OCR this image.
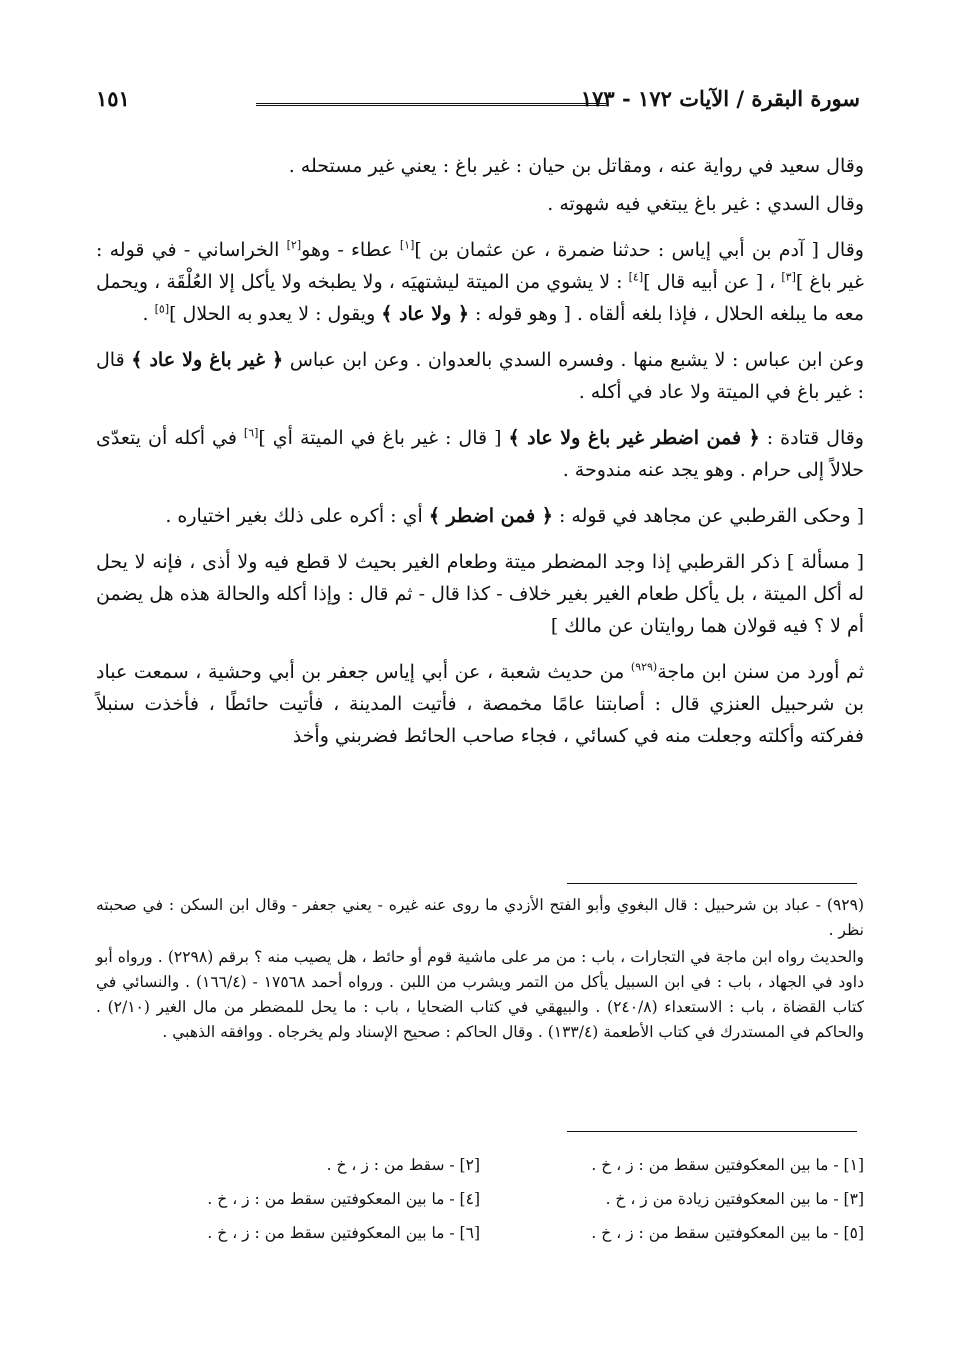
سورة البقرة / الآيات ١٧٢ - ١٧٣
١٥١

وقال سعيد في رواية عنه ، ومقاتل بن حيان : غير باغ : يعني غير مستحله .

وقال السدي : غير باغ يبتغي فيه شهوته .

وقال [ آدم بن أبي إياس : حدثنا ضمرة ، عن عثمان بن ][١] عطاء - وهو[٢] الخراساني - في قوله : غير باغ ][٣] ، [ عن أبيه قال ][٤] : لا يشوي من الميتة ليشتهيَه ، ولا يطبخه ولا يأكل إلا العُلْقَة ، ويحمل معه ما يبلغه الحلال ، فإذا بلغه ألقاه . [ وهو قوله : ﴿ ولا عاد ﴾ ويقول : لا يعدو به الحلال ][٥] .

وعن ابن عباس : لا يشبع منها . وفسره السدي بالعدوان . وعن ابن عباس ﴿ غير باغ ولا عاد ﴾ قال : غير باغ في الميتة ولا عاد في أكله .

وقال قتادة : ﴿ فمن اضطر غير باغ ولا عاد ﴾ [ قال : غير باغ في الميتة أي ][٦] في أكله أن يتعدّى حلالاً إلى حرام . وهو يجد عنه مندوحة .

[ وحكى القرطبي عن مجاهد في قوله : ﴿ فمن اضطر ﴾ أي : أكره على ذلك بغير اختياره .

[ مسألة ] ذكر القرطبي إذا وجد المضطر ميتة وطعام الغير بحيث لا قطع فيه ولا أذى ، فإنه لا يحل له أكل الميتة ، بل يأكل طعام الغير بغير خلاف - كذا قال - ثم قال : وإذا أكله والحالة هذه هل يضمن أم لا ؟ فيه قولان هما روايتان عن مالك ]

ثم أورد من سنن ابن ماجة$^{(٩٢٩)}$ من حديث شعبة ، عن أبي إياس جعفر بن أبي وحشية ، سمعت عباد بن شرحبيل العنزي قال : أصابتنا عامًا مخمصة ، فأتيت المدينة ، فأتيت حائطًا ، فأخذت سنبلاً ففركته وأكلته وجعلت منه في كسائي ، فجاء صاحب الحائط فضربني وأخذ

(٩٢٩) - عباد بن شرحبيل : قال البغوي وأبو الفتح الأزدي ما روى عنه غيره - يعني جعفر - وقال ابن السكن : في صحبته نظر .

والحديث رواه ابن ماجة في التجارات ، باب : من مر على ماشية قوم أو حائط ، هل يصيب منه ؟ برقم (٢٢٩٨) . ورواه أبو داود في الجهاد ، باب : في ابن السبيل يأكل من التمر ويشرب من اللبن . ورواه أحمد ١٧٥٦٨ - (١٦٦/٤) . والنسائي في كتاب القضاة ، باب : الاستعداء (٢٤٠/٨) . والبيهقي في كتاب الضحايا ، باب : ما يحل للمضطر من مال الغير (٢/١٠) . والحاكم في المستدرك في كتاب الأطعمة (١٣٣/٤) . وقال الحاكم : صحيح الإسناد ولم يخرجاه . ووافقه الذهبي .

[١] - ما بين المعكوفتين سقط من : ز ، خ .
[٢] - سقط من : ز ، خ .
[٣] - ما بين المعكوفتين زيادة من ز ، خ .
[٤] - ما بين المعكوفتين سقط من : ز ، خ .
[٥] - ما بين المعكوفتين سقط من : ز ، خ .
[٦] - ما بين المعكوفتين سقط من : ز ، خ .
